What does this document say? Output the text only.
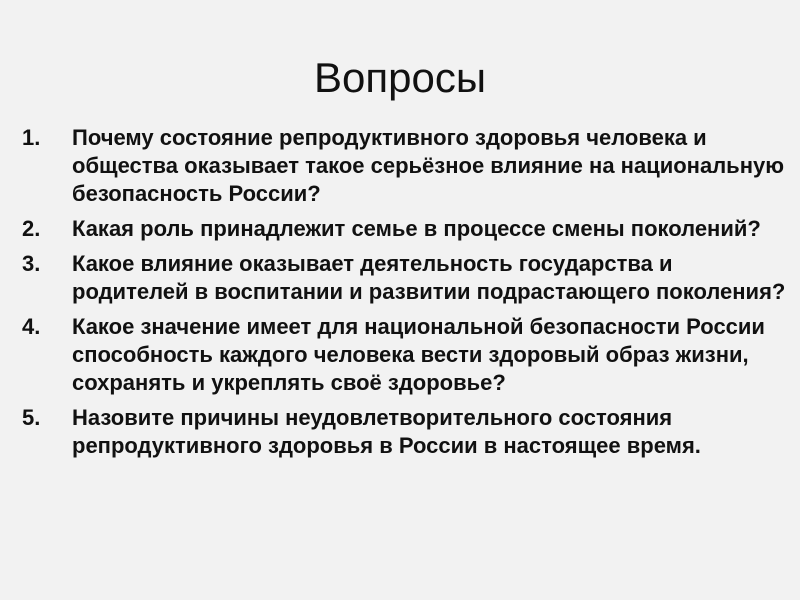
Вопросы
1.	Почему состояние репродуктивного здоровья человека и общества оказывает такое серьёзное влияние на национальную безопасность России?
2.	Какая роль принадлежит семье в процессе смены поколений?
3.	Какое влияние оказывает деятельность государства и родителей в воспитании и развитии подрастающего поколения?
4.	Какое значение имеет для национальной безопасности России способность каждого человека вести здоровый образ жизни, сохранять и укреплять своё здоровье?
5.	Назовите причины неудовлетворительного состояния репродуктивного здоровья в России в настоящее время.
